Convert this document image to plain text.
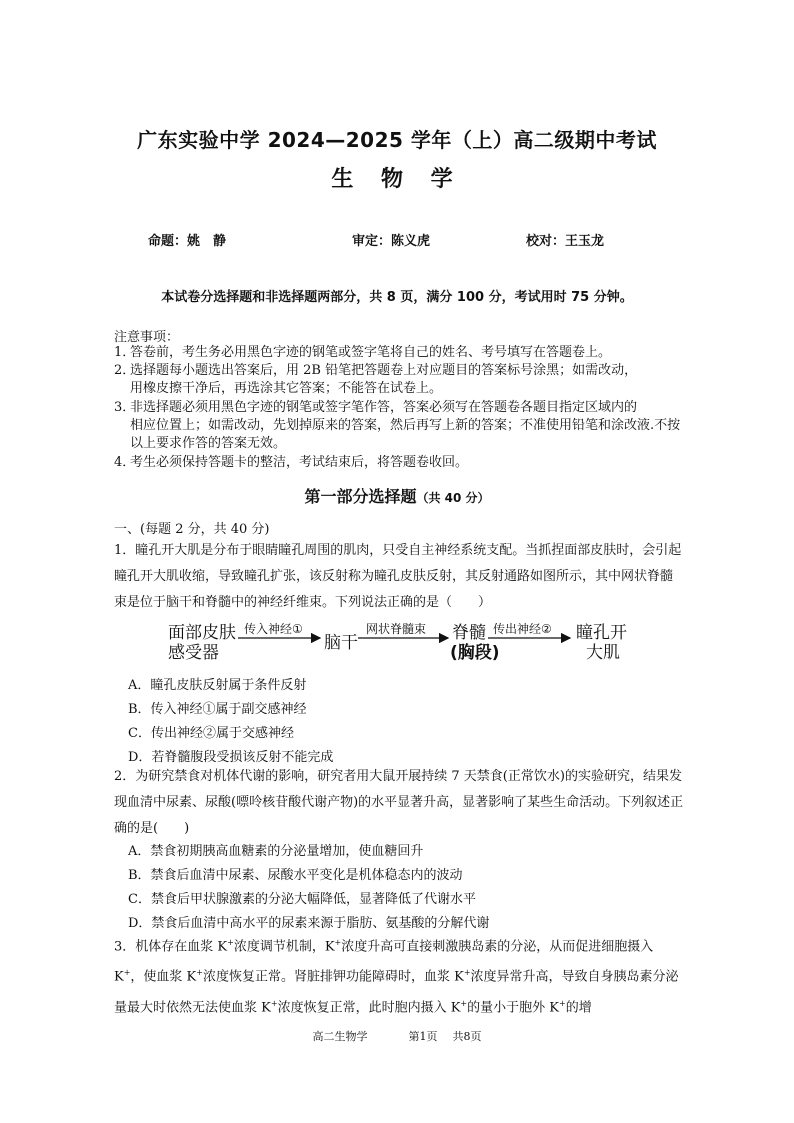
广东实验中学 2024—2025 学年（上）高二级期中考试
生 物 学
命题：姚　静	审定：陈义虎	校对：王玉龙
本试卷分选择题和非选择题两部分，共 8 页，满分 100 分，考试用时 75 分钟。
注意事项：
1．答卷前，考生务必用黑色字迹的钢笔或签字笔将自己的姓名、考号填写在答题卷上。
2．选择题每小题选出答案后，用 2B 铅笔把答题卷上对应题目的答案标号涂黑；如需改动，
用橡皮擦干净后，再选涂其它答案；不能答在试卷上。
3．非选择题必须用黑色字迹的钢笔或签字笔作答，答案必须写在答题卷各题目指定区域内的
相应位置上；如需改动，先划掉原来的答案，然后再写上新的答案；不准使用铅笔和涂改液.不按以上要求作答的答案无效。
4．考生必须保持答题卡的整洁，考试结束后，将答题卷收回。
第一部分选择题（共 40 分）
一、(每题 2 分，共 40 分)
1．瞳孔开大肌是分布于眼睛瞳孔周围的肌肉，只受自主神经系统支配。当抓捏面部皮肤时，会引起瞳孔开大肌收缩，导致瞳孔扩张，该反射称为瞳孔皮肤反射，其反射通路如图所示，其中网状脊髓束是位于脑干和脊髓中的神经纤维束。下列说法正确的是（　　）
面部皮肤
感受器
传入神经①
脑干
网状脊髓束 脊髓
(胸段)
传出神经② 瞳孔开
大肌
A．瞳孔皮肤反射属于条件反射
B．传入神经①属于副交感神经
C．传出神经②属于交感神经
D．若脊髓腹段受损该反射不能完成
2．为研究禁食对机体代谢的影响，研究者用大鼠开展持续 7 天禁食(正常饮水)的实验研究，结果发现血清中尿素、尿酸(嘌呤核苷酸代谢产物)的水平显著升高，显著影响了某些生命活动。下列叙述正确的是(　　)
A．禁食初期胰高血糖素的分泌量增加，使血糖回升
B．禁食后血清中尿素、尿酸水平变化是机体稳态内的波动
C．禁食后甲状腺激素的分泌大幅降低，显著降低了代谢水平
D．禁食后血清中高水平的尿素来源于脂肪、氨基酸的分解代谢
3．机体存在血浆 K+浓度调节机制，K+浓度升高可直接刺激胰岛素的分泌，从而促进细胞摄入 K+，使血浆 K+浓度恢复正常。肾脏排钾功能障碍时，血浆 K+浓度异常升高，导致自身胰岛素分泌量最大时依然无法使血浆 K+浓度恢复正常，此时胞内摄入 K+的量小于胞外 K+的增
高二生物学	第1页 共8页
